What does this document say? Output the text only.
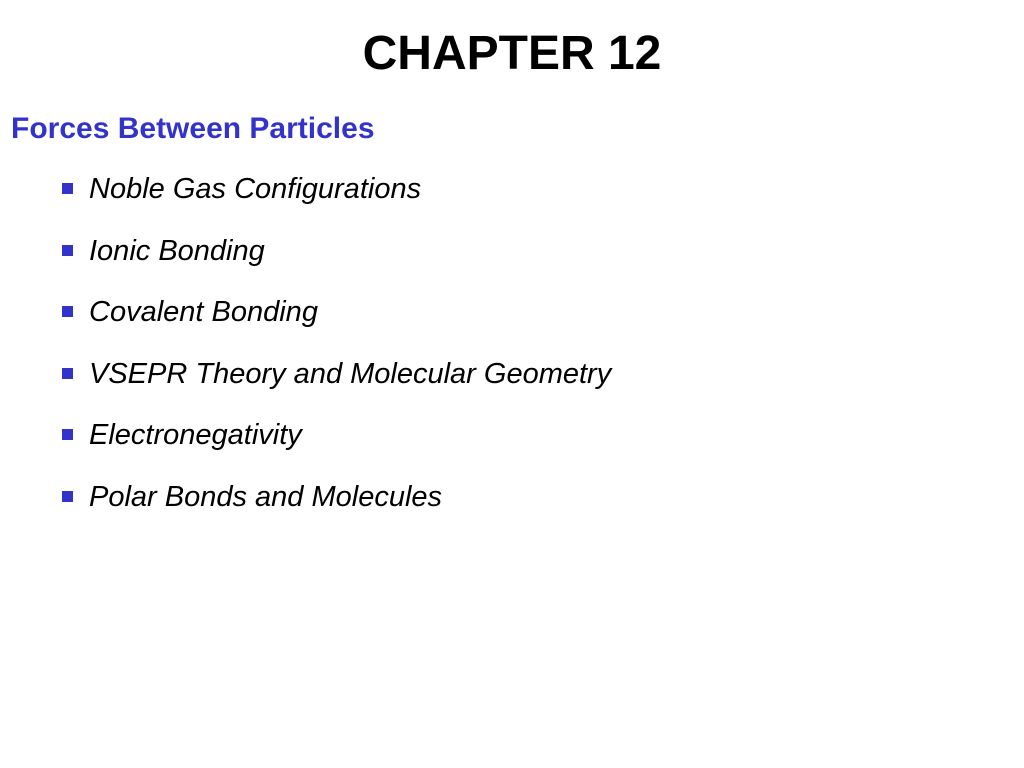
CHAPTER 12
Forces Between Particles
Noble Gas Configurations
Ionic Bonding
Covalent Bonding
VSEPR Theory and Molecular Geometry
Electronegativity
Polar Bonds and Molecules
